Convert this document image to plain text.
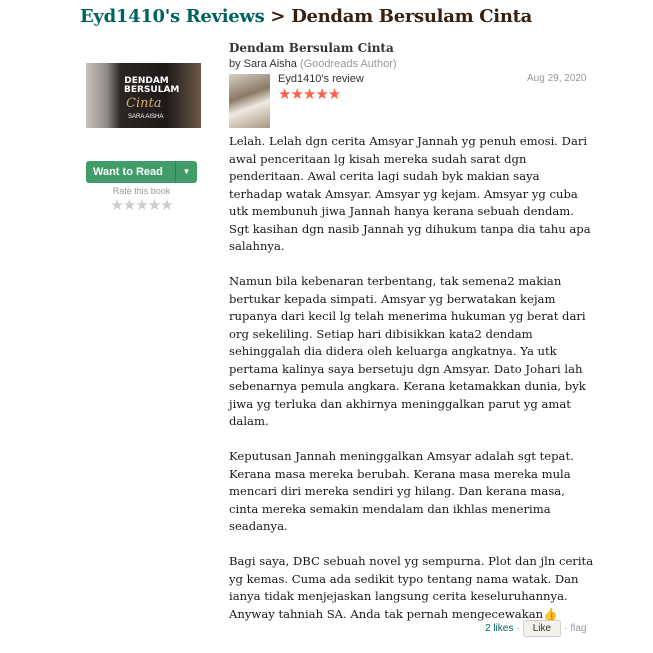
Eyd1410's Reviews > Dendam Bersulam Cinta
DENDAM
BERSULAM
Cinta
SARA AISHA
Want to Read	▼
Rate this book
★★★★★
Dendam Bersulam Cinta
by Sara Aisha (Goodreads Author)
Eyd1410's review
★★★★★
Aug 29, 2020

Lelah. Lelah dgn cerita Amsyar Jannah yg penuh emosi. Dari
awal penceritaan lg kisah mereka sudah sarat dgn
penderitaan. Awal cerita lagi sudah byk makian saya
terhadap watak Amsyar. Amsyar yg kejam. Amsyar yg cuba
utk membunuh jiwa Jannah hanya kerana sebuah dendam.
Sgt kasihan dgn nasib Jannah yg dihukum tanpa dia tahu apa
salahnya.

Namun bila kebenaran terbentang, tak semena2 makian
bertukar kepada simpati. Amsyar yg berwatakan kejam
rupanya dari kecil lg telah menerima hukuman yg berat dari
org sekeliling. Setiap hari dibisikkan kata2 dendam
sehinggalah dia didera oleh keluarga angkatnya. Ya utk
pertama kalinya saya bersetuju dgn Amsyar. Dato Johari lah
sebenarnya pemula angkara. Kerana ketamakkan dunia, byk
jiwa yg terluka dan akhirnya meninggalkan parut yg amat
dalam.

Keputusan Jannah meninggalkan Amsyar adalah sgt tepat.
Kerana masa mereka berubah. Kerana masa mereka mula
mencari diri mereka sendiri yg hilang. Dan kerana masa,
cinta mereka semakin mendalam dan ikhlas menerima
seadanya.

Bagi saya, DBC sebuah novel yg sempurna. Plot dan jln cerita
yg kemas. Cuma ada sedikit typo tentang nama watak. Dan
ianya tidak menjejaskan langsung cerita keseluruhannya.
Anyway tahniah SA. Anda tak pernah mengecewakan👍

2 likes ·	Like	· flag
